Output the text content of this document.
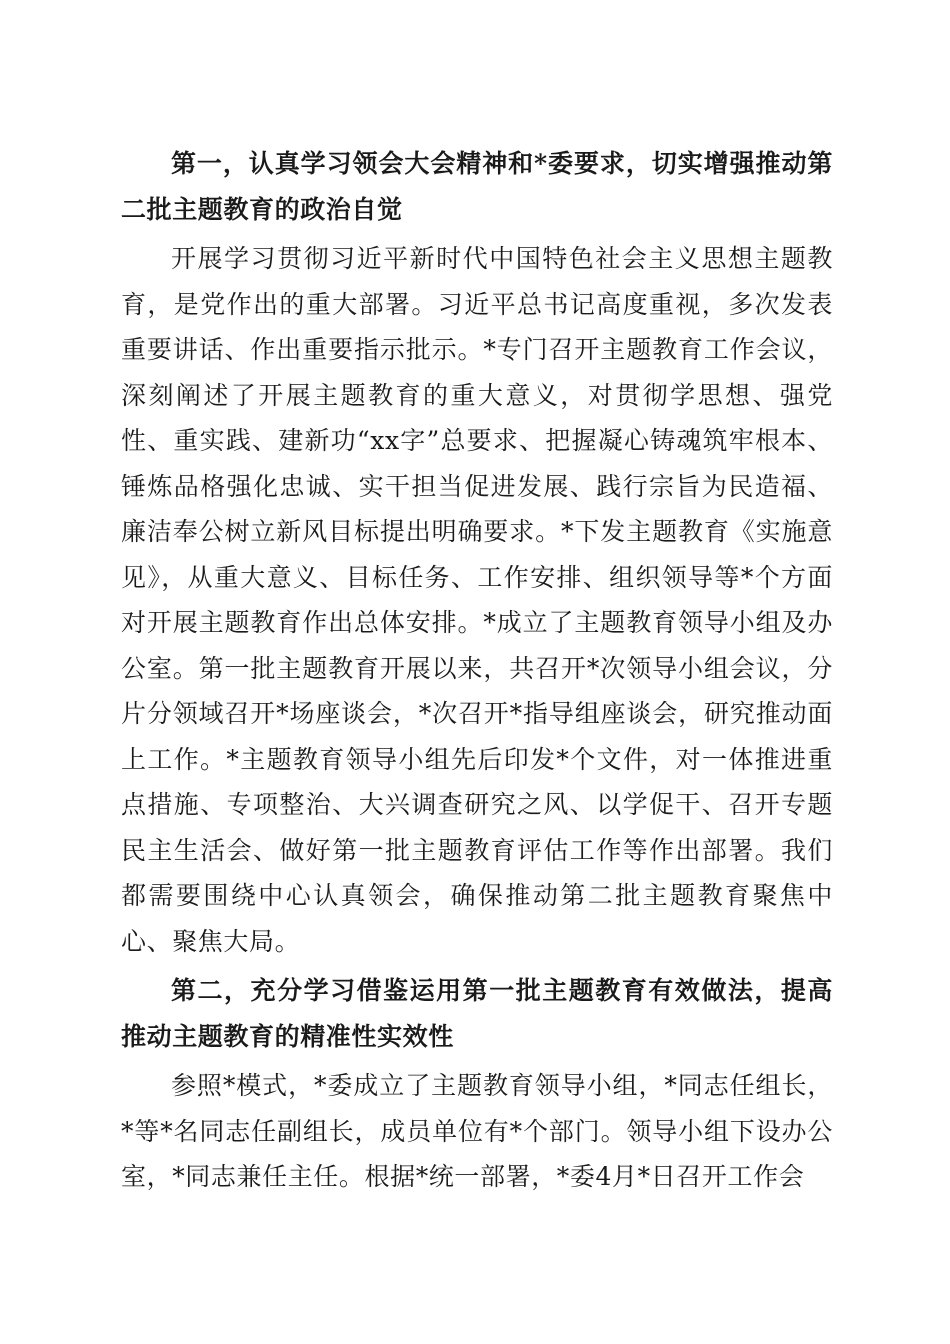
第一，认真学习领会大会精神和*委要求，切实增强推动第二批主题教育的政治自觉

开展学习贯彻习近平新时代中国特色社会主义思想主题教育，是党作出的重大部署。习近平总书记高度重视，多次发表重要讲话、作出重要指示批示。*专门召开主题教育工作会议，深刻阐述了开展主题教育的重大意义，对贯彻学思想、强党性、重实践、建新功“xx字”总要求、把握凝心铸魂筑牢根本、锤炼品格强化忠诚、实干担当促进发展、践行宗旨为民造福、廉洁奉公树立新风目标提出明确要求。*下发主题教育《实施意见》，从重大意义、目标任务、工作安排、组织领导等*个方面对开展主题教育作出总体安排。*成立了主题教育领导小组及办公室。第一批主题教育开展以来，共召开*次领导小组会议，分片分领域召开*场座谈会，*次召开*指导组座谈会，研究推动面上工作。*主题教育领导小组先后印发*个文件，对一体推进重点措施、专项整治、大兴调查研究之风、以学促干、召开专题民主生活会、做好第一批主题教育评估工作等作出部署。我们都需要围绕中心认真领会，确保推动第二批主题教育聚焦中心、聚焦大局。

第二，充分学习借鉴运用第一批主题教育有效做法，提高推动主题教育的精准性实效性

参照*模式，*委成立了主题教育领导小组，*同志任组长，*等*名同志任副组长，成员单位有*个部门。领导小组下设办公室，*同志兼任主任。根据*统一部署，*委4月*日召开工作会
